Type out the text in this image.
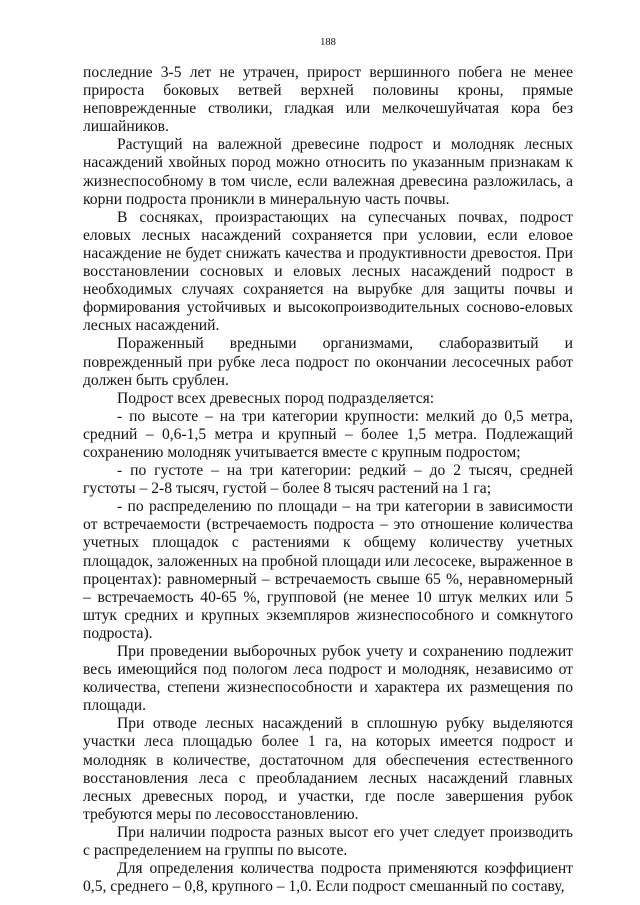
188

последние 3-5 лет не утрачен, прирост вершинного побега не менее прироста боковых ветвей верхней половины кроны, прямые неповрежденные стволики, гладкая или мелкочешуйчатая кора без лишайников.

Растущий на валежной древесине подрост и молодняк лесных насаждений хвойных пород можно относить по указанным признакам к жизнеспособному в том числе, если валежная древесина разложилась, а корни подроста проникли в минеральную часть почвы.

В сосняках, произрастающих на супесчаных почвах, подрост еловых лесных насаждений сохраняется при условии, если еловое насаждение не будет снижать качества и продуктивности древостоя. При восстановлении сосновых и еловых лесных насаждений подрост в необходимых случаях сохраняется на вырубке для защиты почвы и формирования устойчивых и высокопроизводительных сосново-еловых лесных насаждений.

Пораженный вредными организмами, слаборазвитый и поврежденный при рубке леса подрост по окончании лесосечных работ должен быть срублен.

Подрост всех древесных пород подразделяется:

- по высоте – на три категории крупности: мелкий до 0,5 метра, средний – 0,6-1,5 метра и крупный – более 1,5 метра. Подлежащий сохранению молодняк учитывается вместе с крупным подростом;

- по густоте – на три категории: редкий – до 2 тысяч, средней густоты – 2-8 тысяч, густой – более 8 тысяч растений на 1 га;

- по распределению по площади – на три категории в зависимости от встречаемости (встречаемость подроста – это отношение количества учетных площадок с растениями к общему количеству учетных площадок, заложенных на пробной площади или лесосеке, выраженное в процентах): равномерный – встречаемость свыше 65 %, неравномерный – встречаемость 40-65 %, групповой (не менее 10 штук мелких или 5 штук средних и крупных экземпляров жизнеспособного и сомкнутого подроста).

При проведении выборочных рубок учету и сохранению подлежит весь имеющийся под пологом леса подрост и молодняк, независимо от количества, степени жизнеспособности и характера их размещения по площади.

При отводе лесных насаждений в сплошную рубку выделяются участки леса площадью более 1 га, на которых имеется подрост и молодняк в количестве, достаточном для обеспечения естественного восстановления леса с преобладанием лесных насаждений главных лесных древесных пород, и участки, где после завершения рубок требуются меры по лесовосстановлению.

При наличии подроста разных высот его учет следует производить с распределением на группы по высоте.

Для определения количества подроста применяются коэффициент 0,5, среднего – 0,8, крупного – 1,0. Если подрост смешанный по составу,
